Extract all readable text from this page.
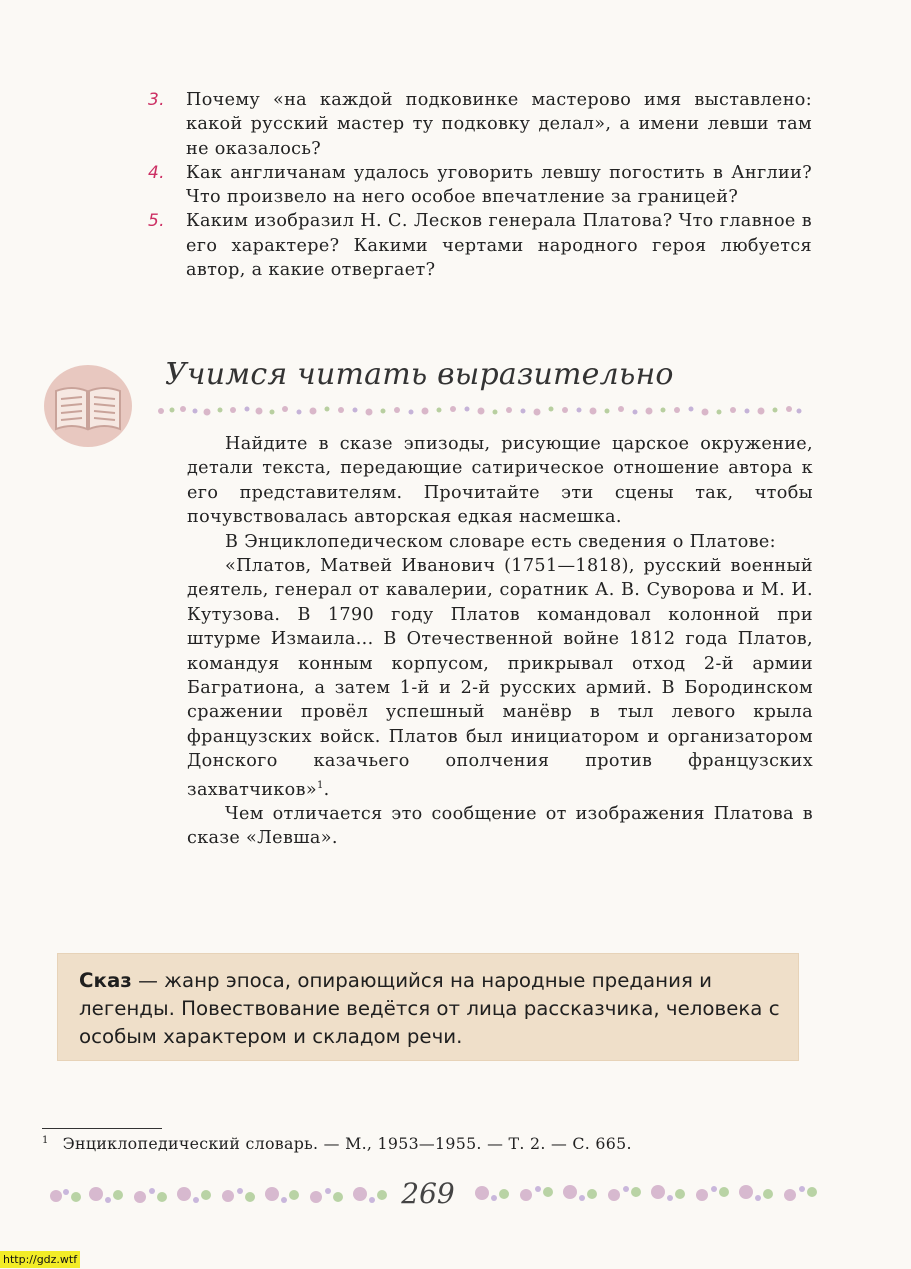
3.	Почему «на каждой подковинке мастерово имя выставлено: какой русский мастер ту подковку делал», а имени левши там не оказалось?
4.	Как англичанам удалось уговорить левшу погостить в Англии? Что произвело на него особое впечатление за границей?
5.	Каким изобразил Н. С. Лесков генерала Платова? Что главное в его характере? Какими чертами народного героя любуется автор, а какие отвергает?
Учимся читать выразительно

Найдите в сказе эпизоды, рисующие царское окружение, детали текста, передающие сатирическое отношение автора к его представителям. Прочитайте эти сцены так, чтобы почувствовалась авторская едкая насмешка.

В Энциклопедическом словаре есть сведения о Платове:

«Платов, Матвей Иванович (1751—1818), русский военный деятель, генерал от кавалерии, соратник А. В. Суворова и М. И. Кутузова. В 1790 году Платов командовал колонной при штурме Измаила... В Отечественной войне 1812 года Платов, командуя конным корпусом, прикрывал отход 2-й армии Багратиона, а затем 1-й и 2-й русских армий. В Бородинском сражении провёл успешный манёвр в тыл левого крыла французских войск. Платов был инициатором и организатором Донского казачьего ополчения против французских захватчиков»$^1$.

Чем отличается это сообщение от изображения Платова в сказе «Левша».

Сказ — жанр эпоса, опирающийся на народные предания и легенды. Повествование ведётся от лица рассказчика, человека с особым характером и складом речи.
$^1$ Энциклопедический словарь. — М., 1953—1955. — Т. 2. — С. 665.
269
http://gdz.wtf
